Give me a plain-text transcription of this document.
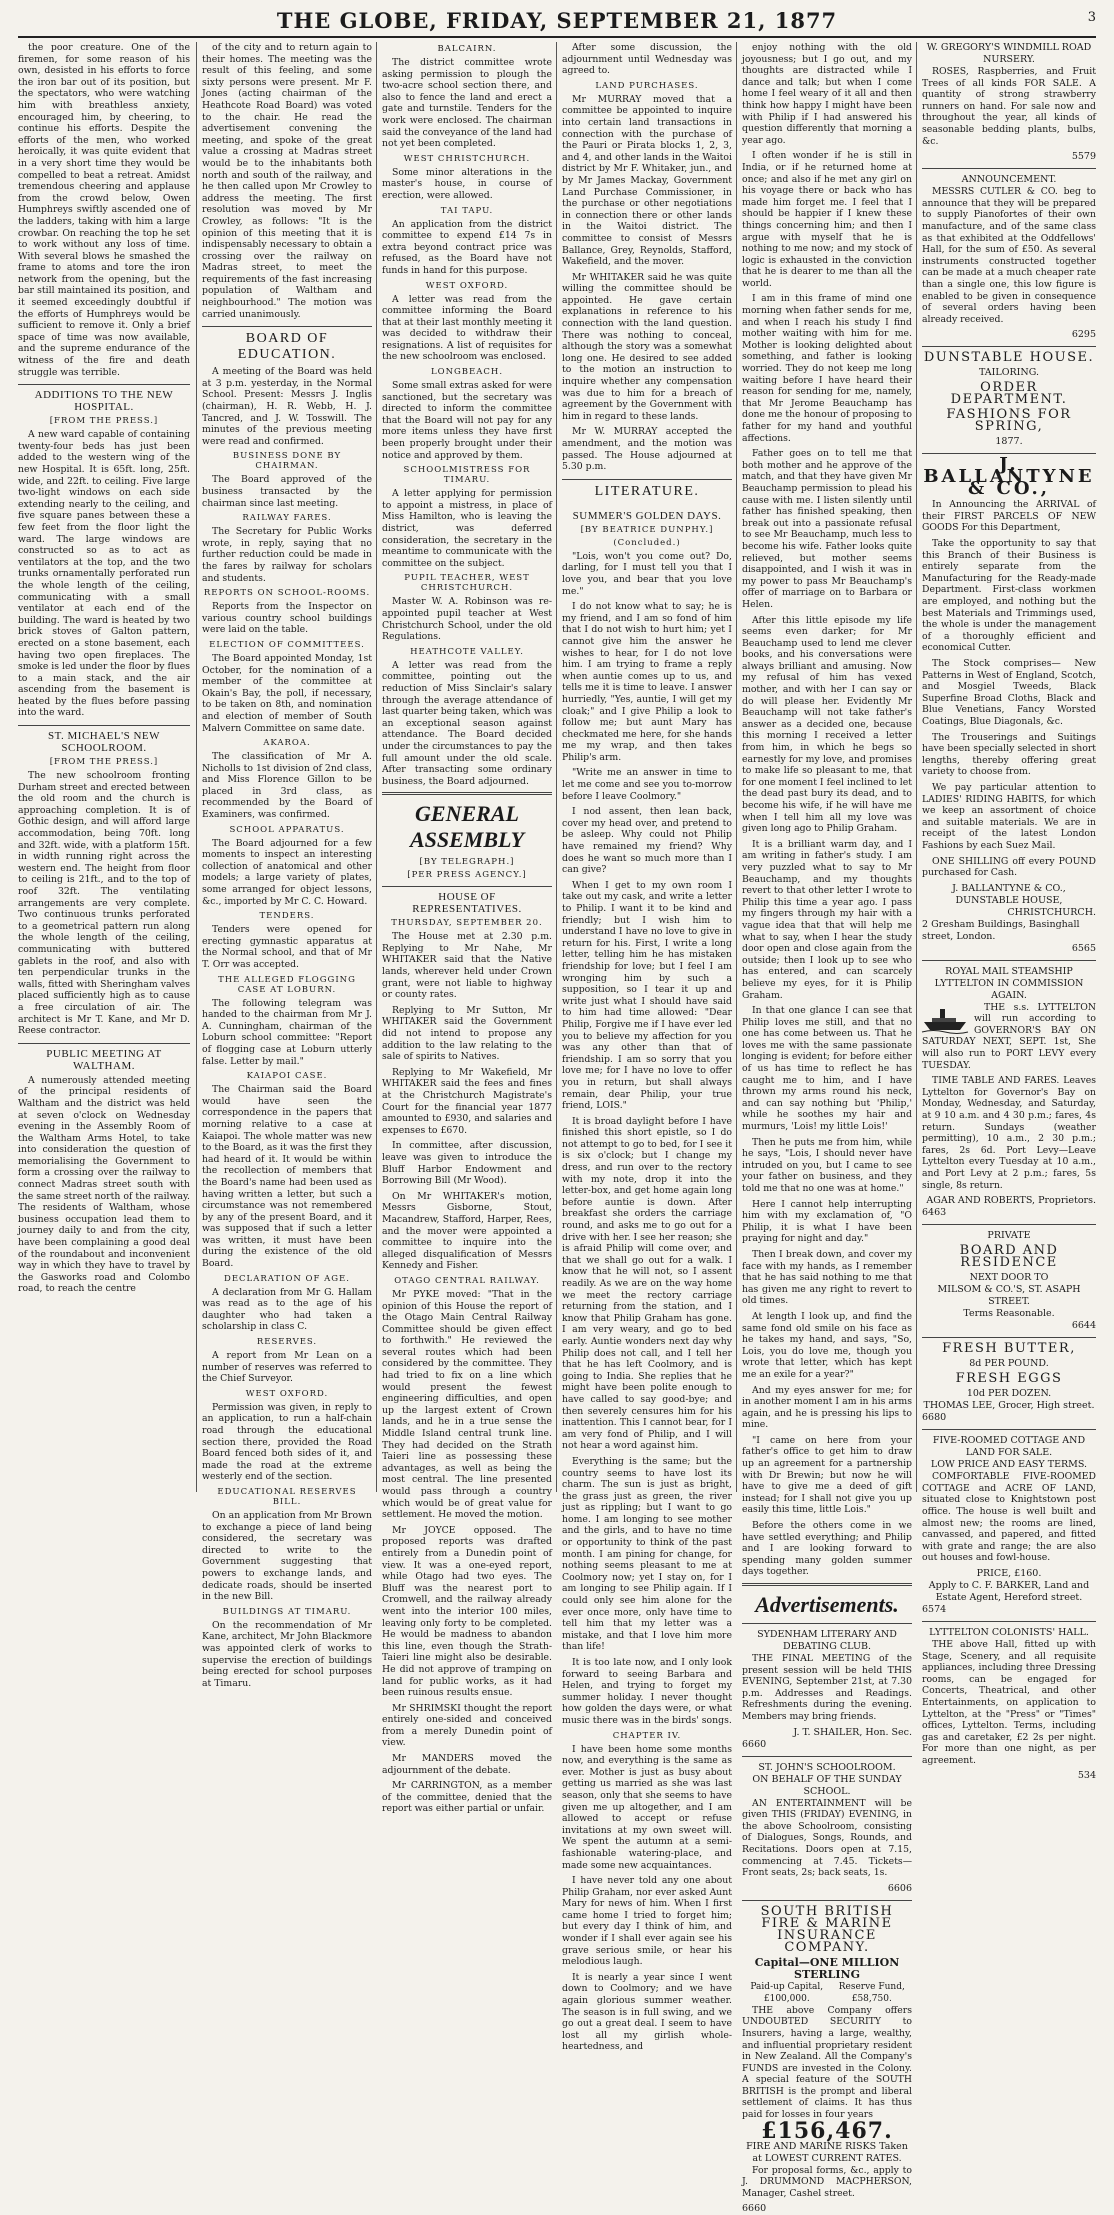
THE GLOBE, FRIDAY, SEPTEMBER 21, 1877	3

the poor creature. One of the firemen, for some reason of his own, desisted in his efforts to force the iron bar out of its position, but the spectators, who were watching him with breathless anxiety, encouraged him, by cheering, to continue his efforts. Despite the efforts of the men, who worked heroically, it was quite evident that in a very short time they would be compelled to beat a retreat. Amidst tremendous cheering and applause from the crowd below, Owen Humphreys swiftly ascended one of the ladders, taking with him a large crowbar. On reaching the top he set to work without any loss of time. With several blows he smashed the frame to atoms and tore the iron network from the opening, but the bar still maintained its position, and it seemed exceedingly doubtful if the efforts of Humphreys would be sufficient to remove it. Only a brief space of time was now available, and the supreme endurance of the witness of the fire and death struggle was terrible.

ADDITIONS TO THE NEW HOSPITAL.
[FROM THE PRESS.]

A new ward capable of containing twenty-four beds has just been added to the western wing of the new Hospital. It is 65ft. long, 25ft. wide, and 22ft. to ceiling. Five large two-light windows on each side extending nearly to the ceiling, and five square panes between these a few feet from the floor light the ward. The large windows are constructed so as to act as ventilators at the top, and the two trunks ornamentally perforated run the whole length of the ceiling, communicating with a small ventilator at each end of the building. The ward is heated by two brick stoves of Galton pattern, erected on a stone basement, each having two open fireplaces. The smoke is led under the floor by flues to a main stack, and the air ascending from the basement is heated by the flues before passing into the ward.

ST. MICHAEL'S NEW SCHOOLROOM.
[FROM THE PRESS.]

The new schoolroom fronting Durham street and erected between the old room and the church is approaching completion. It is of Gothic design, and will afford large accommodation, being 70ft. long and 32ft. wide, with a platform 15ft. in width running right across the western end. The height from floor to ceiling is 21ft., and to the top of roof 32ft. The ventilating arrangements are very complete. Two continuous trunks perforated to a geometrical pattern run along the whole length of the ceiling, communicating with buttered gablets in the roof, and also with ten perpendicular trunks in the walls, fitted with Sheringham valves placed sufficiently high as to cause a free circulation of air. The architect is Mr T. Kane, and Mr D. Reese contractor.

PUBLIC MEETING AT WALTHAM.

A numerously attended meeting of the principal residents of Waltham and the district was held at seven o'clock on Wednesday evening in the Assembly Room of the Waltham Arms Hotel, to take into consideration the question of memorialising the Government to form a crossing over the railway to connect Madras street south with the same street north of the railway. The residents of Waltham, whose business occupation lead them to journey daily to and from the city, have been complaining a good deal of the roundabout and inconvenient way in which they have to travel by the Gasworks road and Colombo road, to reach the centre

of the city and to return again to their homes. The meeting was the result of this feeling, and some sixty persons were present. Mr F. Jones (acting chairman of the Heathcote Road Board) was voted to the chair. He read the advertisement convening the meeting, and spoke of the great value a crossing at Madras street would be to the inhabitants both north and south of the railway, and he then called upon Mr Crowley to address the meeting. The first resolution was moved by Mr Crowley, as follows: "It is the opinion of this meeting that it is indispensably necessary to obtain a crossing over the railway on Madras street, to meet the requirements of the fast increasing population of Waltham and neighbourhood." The motion was carried unanimously.

BOARD OF EDUCATION.

A meeting of the Board was held at 3 p.m. yesterday, in the Normal School. Present: Messrs J. Inglis (chairman), H. R. Webb, H. J. Tancred, and J. W. Tosswill. The minutes of the previous meeting were read and confirmed.

BUSINESS DONE BY CHAIRMAN.

The Board approved of the business transacted by the chairman since last meeting.

RAILWAY FARES.

The Secretary for Public Works wrote, in reply, saying that no further reduction could be made in the fares by railway for scholars and students.

REPORTS ON SCHOOL-ROOMS.

Reports from the Inspector on various country school buildings were laid on the table.

ELECTION OF COMMITTEES.

The Board appointed Monday, 1st October, for the nomination of a member of the committee at Okain's Bay, the poll, if necessary, to be taken on 8th, and nomination and election of member of South Malvern Committee on same date.

AKAROA.

The classification of Mr A. Nicholls to 1st division of 2nd class, and Miss Florence Gillon to be placed in 3rd class, as recommended by the Board of Examiners, was confirmed.

SCHOOL APPARATUS.

The Board adjourned for a few moments to inspect an interesting collection of anatomical and other models; a large variety of plates, some arranged for object lessons, &c., imported by Mr C. C. Howard.

TENDERS.

Tenders were opened for erecting gymnastic apparatus at the Normal school, and that of Mr T. Orr was accepted.

THE ALLEGED FLOGGING CASE AT LOBURN.

The following telegram was handed to the chairman from Mr J. A. Cunningham, chairman of the Loburn school committee: "Report of flogging case at Loburn utterly false. Letter by mail."

KAIAPOI CASE.

The Chairman said the Board would have seen the correspondence in the papers that morning relative to a case at Kaiapoi. The whole matter was new to the Board, as it was the first they had heard of it. It would be within the recollection of members that the Board's name had been used as having written a letter, but such a circumstance was not remembered by any of the present Board, and it was supposed that if such a letter was written, it must have been during the existence of the old Board.

DECLARATION OF AGE.

A declaration from Mr G. Hallam was read as to the age of his daughter who had taken a scholarship in class C.

RESERVES.

A report from Mr Lean on a number of reserves was referred to the Chief Surveyor.

WEST OXFORD.

Permission was given, in reply to an application, to run a half-chain road through the educational section there, provided the Road Board fenced both sides of it, and made the road at the extreme westerly end of the section.

EDUCATIONAL RESERVES BILL.

On an application from Mr Brown to exchange a piece of land being considered, the secretary was directed to write to the Government suggesting that powers to exchange lands, and dedicate roads, should be inserted in the new Bill.

BUILDINGS AT TIMARU.

On the recommendation of Mr Kane, architect, Mr John Blackmore was appointed clerk of works to supervise the erection of buildings being erected for school purposes at Timaru.

BALCAIRN.

The district committee wrote asking permission to plough the two-acre school section there, and also to fence the land and erect a gate and turnstile. Tenders for the work were enclosed. The chairman said the conveyance of the land had not yet been completed.

WEST CHRISTCHURCH.

Some minor alterations in the master's house, in course of erection, were allowed.

TAI TAPU.

An application from the district committee to expend £14 7s in extra beyond contract price was refused, as the Board have not funds in hand for this purpose.

WEST OXFORD.

A letter was read from the committee informing the Board that at their last monthly meeting it was decided to withdraw their resignations. A list of requisites for the new schoolroom was enclosed.

LONGBEACH.

Some small extras asked for were sanctioned, but the secretary was directed to inform the committee that the Board will not pay for any more items unless they have first been properly brought under their notice and approved by them.

SCHOOLMISTRESS FOR TIMARU.

A letter applying for permission to appoint a mistress, in place of Miss Hamilton, who is leaving the district, was deferred consideration, the secretary in the meantime to communicate with the committee on the subject.

PUPIL TEACHER, WEST CHRISTCHURCH.

Master W. A. Robinson was re-appointed pupil teacher at West Christchurch School, under the old Regulations.

HEATHCOTE VALLEY.

A letter was read from the committee, pointing out the reduction of Miss Sinclair's salary through the average attendance of last quarter being taken, which was an exceptional season against attendance. The Board decided under the circumstances to pay the full amount under the old scale. After transacting some ordinary business, the Board adjourned.

GENERAL ASSEMBLY
[BY TELEGRAPH.]
[PER PRESS AGENCY.]
HOUSE OF REPRESENTATIVES.
THURSDAY, SEPTEMBER 20.

The House met at 2.30 p.m. Replying to Mr Nahe, Mr WHITAKER said that the Native lands, wherever held under Crown grant, were not liable to highway or county rates.

Replying to Mr Sutton, Mr WHITAKER said the Government did not intend to propose any addition to the law relating to the sale of spirits to Natives.

Replying to Mr Wakefield, Mr WHITAKER said the fees and fines at the Christchurch Magistrate's Court for the financial year 1877 amounted to £930, and salaries and expenses to £670.

In committee, after discussion, leave was given to introduce the Bluff Harbor Endowment and Borrowing Bill (Mr Wood).

On Mr WHITAKER's motion, Messrs Gisborne, Stout, Macandrew, Stafford, Harper, Rees, and the mover were appointed a committee to inquire into the alleged disqualification of Messrs Kennedy and Fisher.

OTAGO CENTRAL RAILWAY.

Mr PYKE moved: "That in the opinion of this House the report of the Otago Main Central Railway Committee should be given effect to forthwith." He reviewed the several routes which had been considered by the committee. They had tried to fix on a line which would present the fewest engineering difficulties, and open up the largest extent of Crown lands, and he in a true sense the Middle Island central trunk line. They had decided on the Strath Taieri line as possessing these advantages, as well as being the most central. The line presented would pass through a country which would be of great value for settlement. He moved the motion.

Mr JOYCE opposed. The proposed reports was drafted entirely from a Dunedin point of view. It was a one-eyed report, while Otago had two eyes. The Bluff was the nearest port to Cromwell, and the railway already went into the interior 100 miles, leaving only forty to be completed. He would be madness to abandon this line, even though the Strath-Taieri line might also be desirable. He did not approve of tramping on land for public works, as it had been ruinous results ensue.

Mr SHRIMSKI thought the report entirely one-sided and conceived from a merely Dunedin point of view.

Mr MANDERS moved the adjournment of the debate.

Mr CARRINGTON, as a member of the committee, denied that the report was either partial or unfair.

After some discussion, the adjournment until Wednesday was agreed to.

LAND PURCHASES.

Mr MURRAY moved that a committee be appointed to inquire into certain land transactions in connection with the purchase of the Pauri or Pirata blocks 1, 2, 3, and 4, and other lands in the Waitoi district by Mr F. Whitaker, jun., and by Mr James Mackay, Government Land Purchase Commissioner, in the purchase or other negotiations in connection there or other lands in the Waitoi district. The committee to consist of Messrs Ballance, Grey, Reynolds, Stafford, Wakefield, and the mover.

Mr WHITAKER said he was quite willing the committee should be appointed. He gave certain explanations in reference to his connection with the land question. There was nothing to conceal, although the story was a somewhat long one. He desired to see added to the motion an instruction to inquire whether any compensation was due to him for a breach of agreement by the Government with him in regard to these lands.

Mr W. MURRAY accepted the amendment, and the motion was passed. The House adjourned at 5.30 p.m.

LITERATURE.
SUMMER'S GOLDEN DAYS.
[BY BEATRICE DUNPHY.]
(Concluded.)

"Lois, won't you come out? Do, darling, for I must tell you that I love you, and bear that you love me."

I do not know what to say; he is my friend, and I am so fond of him that I do not wish to hurt him; yet I cannot give him the answer he wishes to hear, for I do not love him. I am trying to frame a reply when auntie comes up to us, and tells me it is time to leave. I answer hurriedly, "Yes, auntie, I will get my cloak;" and I give Philip a look to follow me; but aunt Mary has checkmated me here, for she hands me my wrap, and then takes Philip's arm.

"Write me an answer in time to let me come and see you to-morrow before I leave Coolmory."

I nod assent, then lean back, cover my head over, and pretend to be asleep. Why could not Philip have remained my friend? Why does he want so much more than I can give?

When I get to my own room I take out my cask, and write a letter to Philip. I want it to be kind and friendly; but I wish him to understand I have no love to give in return for his. First, I write a long letter, telling him he has mistaken friendship for love; but I feel I am wronging him by such a supposition, so I tear it up and write just what I should have said to him had time allowed: "Dear Philip, Forgive me if I have ever led you to believe my affection for you was any other than that of friendship. I am so sorry that you love me; for I have no love to offer you in return, but shall always remain, dear Philip, your true friend, LOIS."

It is broad daylight before I have finished this short epistle, so I do not attempt to go to bed, for I see it is six o'clock; but I change my dress, and run over to the rectory with my note, drop it into the letter-box, and get home again long before auntie is down. After breakfast she orders the carriage round, and asks me to go out for a drive with her. I see her reason; she is afraid Philip will come over, and that we shall go out for a walk. I know that he will not, so I assent readily. As we are on the way home we meet the rectory carriage returning from the station, and I know that Philip Graham has gone. I am very weary, and go to bed early. Auntie wonders next day why Philip does not call, and I tell her that he has left Coolmory, and is going to India. She replies that he might have been polite enough to have called to say good-bye; and then severely censures him for his inattention. This I cannot bear, for I am very fond of Philip, and I will not hear a word against him.

Everything is the same; but the country seems to have lost its charm. The sun is just as bright, the grass just as green, the river just as rippling; but I want to go home. I am longing to see mother and the girls, and to have no time or opportunity to think of the past month. I am pining for change, for nothing seems pleasant to me at Coolmory now; yet I stay on, for I am longing to see Philip again. If I could only see him alone for the ever once more, only have time to tell him that my letter was a mistake, and that I love him more than life!

It is too late now, and I only look forward to seeing Barbara and Helen, and trying to forget my summer holiday. I never thought how golden the days were, or what music there was in the birds' songs.

CHAPTER IV.

I have been home some months now, and everything is the same as ever. Mother is just as busy about getting us married as she was last season, only that she seems to have given me up altogether, and I am allowed to accept or refuse invitations at my own sweet will. We spent the autumn at a semi-fashionable watering-place, and made some new acquaintances.

I have never told any one about Philip Graham, nor ever asked Aunt Mary for news of him. When I first came home I tried to forget him; but every day I think of him, and wonder if I shall ever again see his grave serious smile, or hear his melodious laugh.

It is nearly a year since I went down to Coolmory; and we have again glorious summer weather. The season is in full swing, and we go out a great deal. I seem to have lost all my girlish whole-heartedness, and

enjoy nothing with the old joyousness; but I go out, and my thoughts are distracted while I dance and talk; but when I come home I feel weary of it all and then think how happy I might have been with Philip if I had answered his question differently that morning a year ago.

I often wonder if he is still in India, or if he returned home at once; and also if he met any girl on his voyage there or back who has made him forget me. I feel that I should be happier if I knew these things concerning him; and then I argue with myself that he is nothing to me now; and my stock of logic is exhausted in the conviction that he is dearer to me than all the world.

I am in this frame of mind one morning when father sends for me, and when I reach his study I find mother waiting with him for me. Mother is looking delighted about something, and father is looking worried. They do not keep me long waiting before I have heard their reason for sending for me, namely, that Mr Jerome Beauchamp has done me the honour of proposing to father for my hand and youthful affections.

Father goes on to tell me that both mother and he approve of the match, and that they have given Mr Beauchamp permission to plead his cause with me. I listen silently until father has finished speaking, then break out into a passionate refusal to see Mr Beauchamp, much less to become his wife. Father looks quite relieved, but mother seems disappointed, and I wish it was in my power to pass Mr Beauchamp's offer of marriage on to Barbara or Helen.

After this little episode my life seems even darker; for Mr Beauchamp used to lend me clever books, and his conversations were always brilliant and amusing. Now my refusal of him has vexed mother, and with her I can say or do will please her. Evidently Mr Beauchamp will not take father's answer as a decided one, because this morning I received a letter from him, in which he begs so earnestly for my love, and promises to make life so pleasant to me, that for one moment I feel inclined to let the dead past bury its dead, and to become his wife, if he will have me when I tell him all my love was given long ago to Philip Graham.

It is a brilliant warm day, and I am writing in father's study. I am very puzzled what to say to Mr Beauchamp, and my thoughts revert to that other letter I wrote to Philip this time a year ago. I pass my fingers through my hair with a vague idea that that will help me what to say, when I hear the study door open and close again from the outside; then I look up to see who has entered, and can scarcely believe my eyes, for it is Philip Graham.

In that one glance I can see that Philip loves me still, and that no one has come between us. That he loves me with the same passionate longing is evident; for before either of us has time to reflect he has caught me to him, and I have thrown my arms round his neck, and can say nothing but 'Philip,' while he soothes my hair and murmurs, 'Lois! my little Lois!'

Then he puts me from him, while he says, "Lois, I should never have intruded on you, but I came to see your father on business, and they told me that no one was at home."

Here I cannot help interrupting him with my exclamation of, "O Philip, it is what I have been praying for night and day."

Then I break down, and cover my face with my hands, as I remember that he has said nothing to me that has given me any right to revert to old times.

At length I look up, and find the same fond old smile on his face as he takes my hand, and says, "So, Lois, you do love me, though you wrote that letter, which has kept me an exile for a year?"

And my eyes answer for me; for in another moment I am in his arms again, and he is pressing his lips to mine.

"I came on here from your father's office to get him to draw up an agreement for a partnership with Dr Brewin; but now he will have to give me a deed of gift instead; for I shall not give you up easily this time, little Lois."

Before the others come in we have settled everything; and Philip and I are looking forward to spending many golden summer days together.

Advertisements.
SYDENHAM LITERARY AND DEBATING CLUB.

THE FINAL MEETING of the present session will be held THIS EVENING, September 21st, at 7.30 p.m. Addresses and Readings. Refreshments during the evening. Members may bring friends.

J. T. SHAILER, Hon. Sec.
6660
ST. JOHN'S SCHOOLROOM.
ON BEHALF OF THE SUNDAY SCHOOL.

AN ENTERTAINMENT will be given THIS (FRIDAY) EVENING, in the above Schoolroom, consisting of Dialogues, Songs, Rounds, and Recitations. Doors open at 7.15, commencing at 7.45. Tickets—Front seats, 2s; back seats, 1s.

6606
SOUTH BRITISH FIRE & MARINE INSURANCE COMPANY.
Capital—ONE MILLION STERLING
Paid-up Capital, £100,000.
Reserve Fund, £58,750.

THE above Company offers UNDOUBTED SECURITY to Insurers, having a large, wealthy, and influential proprietary resident in New Zealand. All the Company's FUNDS are invested in the Colony. A special feature of the SOUTH BRITISH is the prompt and liberal settlement of claims. It has thus paid for losses in four years

£156,467.
FIRE AND MARINE RISKS Taken at LOWEST CURRENT RATES.

For proposal forms, &c., apply to J. DRUMMOND MACPHERSON, Manager, Cashel street.

6660
W. GREGORY'S WINDMILL ROAD NURSERY.

ROSES, Raspberries, and Fruit Trees of all kinds FOR SALE. A quantity of strong strawberry runners on hand. For sale now and throughout the year, all kinds of seasonable bedding plants, bulbs, &c.

5579
ANNOUNCEMENT.

MESSRS CUTLER & CO. beg to announce that they will be prepared to supply Pianofortes of their own manufacture, and of the same class as that exhibited at the Oddfellows' Hall, for the sum of £50. As several instruments constructed together can be made at a much cheaper rate than a single one, this low figure is enabled to be given in consequence of several orders having been already received.

6295
DUNSTABLE HOUSE.
TAILORING.
ORDER DEPARTMENT.
FASHIONS FOR SPRING,
1877.
J. BALLANTYNE & CO.,

In Announcing the ARRIVAL of their FIRST PARCELS OF NEW GOODS For this Department,

Take the opportunity to say that this Branch of their Business is entirely separate from the Manufacturing for the Ready-made Department. First-class workmen are employed, and nothing but the best Materials and Trimmings used, the whole is under the management of a thoroughly efficient and economical Cutter.

The Stock comprises— New Patterns in West of England, Scotch, and Mosgiel Tweeds, Black Superfine Broad Cloths, Black and Blue Venetians, Fancy Worsted Coatings, Blue Diagonals, &c.

The Trouserings and Suitings have been specially selected in short lengths, thereby offering great variety to choose from.

We pay particular attention to LADIES' RIDING HABITS, for which we keep an assortment of choice and suitable materials. We are in receipt of the latest London Fashions by each Suez Mail.

ONE SHILLING off every POUND purchased for Cash.

J. BALLANTYNE & CO.,
DUNSTABLE HOUSE,
CHRISTCHURCH.
2 Gresham Buildings, Basinghall street, London.
6565
ROYAL MAIL STEAMSHIP LYTTELTON IN COMMISSION AGAIN.

THE s.s. LYTTELTON will run according to GOVERNOR'S BAY ON SATURDAY NEXT, SEPT. 1st, She will also run to PORT LEVY every TUESDAY.

TIME TABLE AND FARES. Leaves Lyttelton for Governor's Bay on Monday, Wednesday, and Saturday, at 9 10 a.m. and 4 30 p.m.; fares, 4s return. Sundays (weather permitting), 10 a.m., 2 30 p.m.; fares, 2s 6d. Port Levy—Leave Lyttelton every Tuesday at 10 a.m., and Port Levy at 2 p.m.; fares, 5s single, 8s return.

AGAR AND ROBERTS, Proprietors.
6463
PRIVATE
BOARD AND RESIDENCE
NEXT DOOR TO
MILSOM & CO.'S, ST. ASAPH STREET.
Terms Reasonable.
6644
FRESH BUTTER,
8d PER POUND.
FRESH EGGS
10d PER DOZEN.
THOMAS LEE, Grocer, High street.
6680
FIVE-ROOMED COTTAGE AND LAND FOR SALE.
LOW PRICE AND EASY TERMS.

COMFORTABLE FIVE-ROOMED COTTAGE and ACRE OF LAND, situated close to Knightstown post office. The house is well built and almost new; the rooms are lined, canvassed, and papered, and fitted with grate and range; the are also out houses and fowl-house.

PRICE, £160.
Apply to C. F. BARKER, Land and Estate Agent, Hereford street.
6574
LYTTELTON COLONISTS' HALL.

THE above Hall, fitted up with Stage, Scenery, and all requisite appliances, including three Dressing rooms, can be engaged for Concerts, Theatrical, and other Entertainments, on application to Lyttelton, at the "Press" or "Times" offices, Lyttelton. Terms, including gas and caretaker, £2 2s per night. For more than one night, as per agreement.

534
